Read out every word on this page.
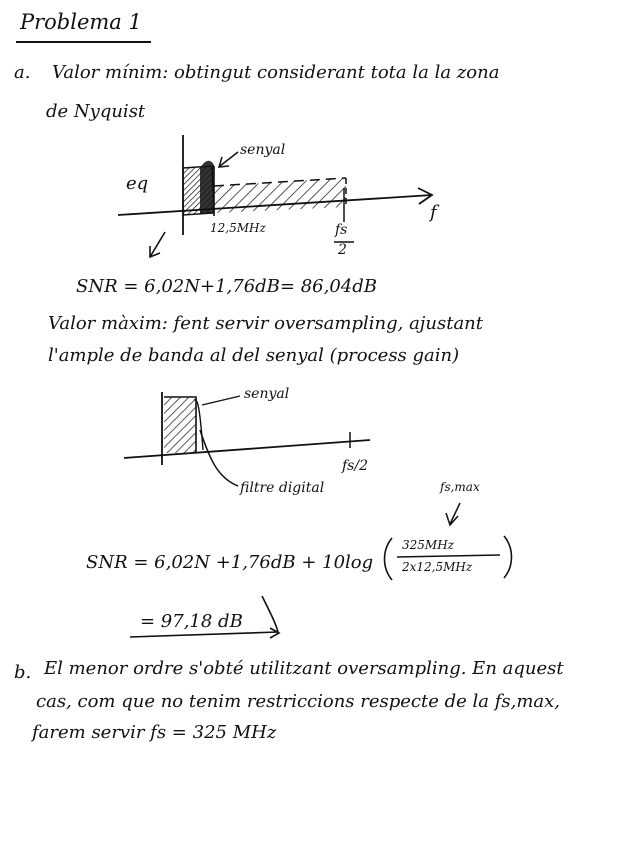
Problema 1
a. Valor mínim: obtingut considerant tota la la zona
de Nyquist
eq
senyal
12,5MHz
f
fs
2
SNR = 6,02N+1,76dB= 86,04dB
Valor màxim: fent servir oversampling, ajustant
l'ample de banda al del senyal (process gain)
senyal
filtre digital
fs/2
fs,max
SNR = 6,02N +1,76dB + 10log
325MHz
2x12,5MHz
= 97,18 dB
b. El menor ordre s'obté utilitzant oversampling. En aquest
cas, com que no tenim restriccions respecte de la fs,max,
farem servir fs = 325 MHz
